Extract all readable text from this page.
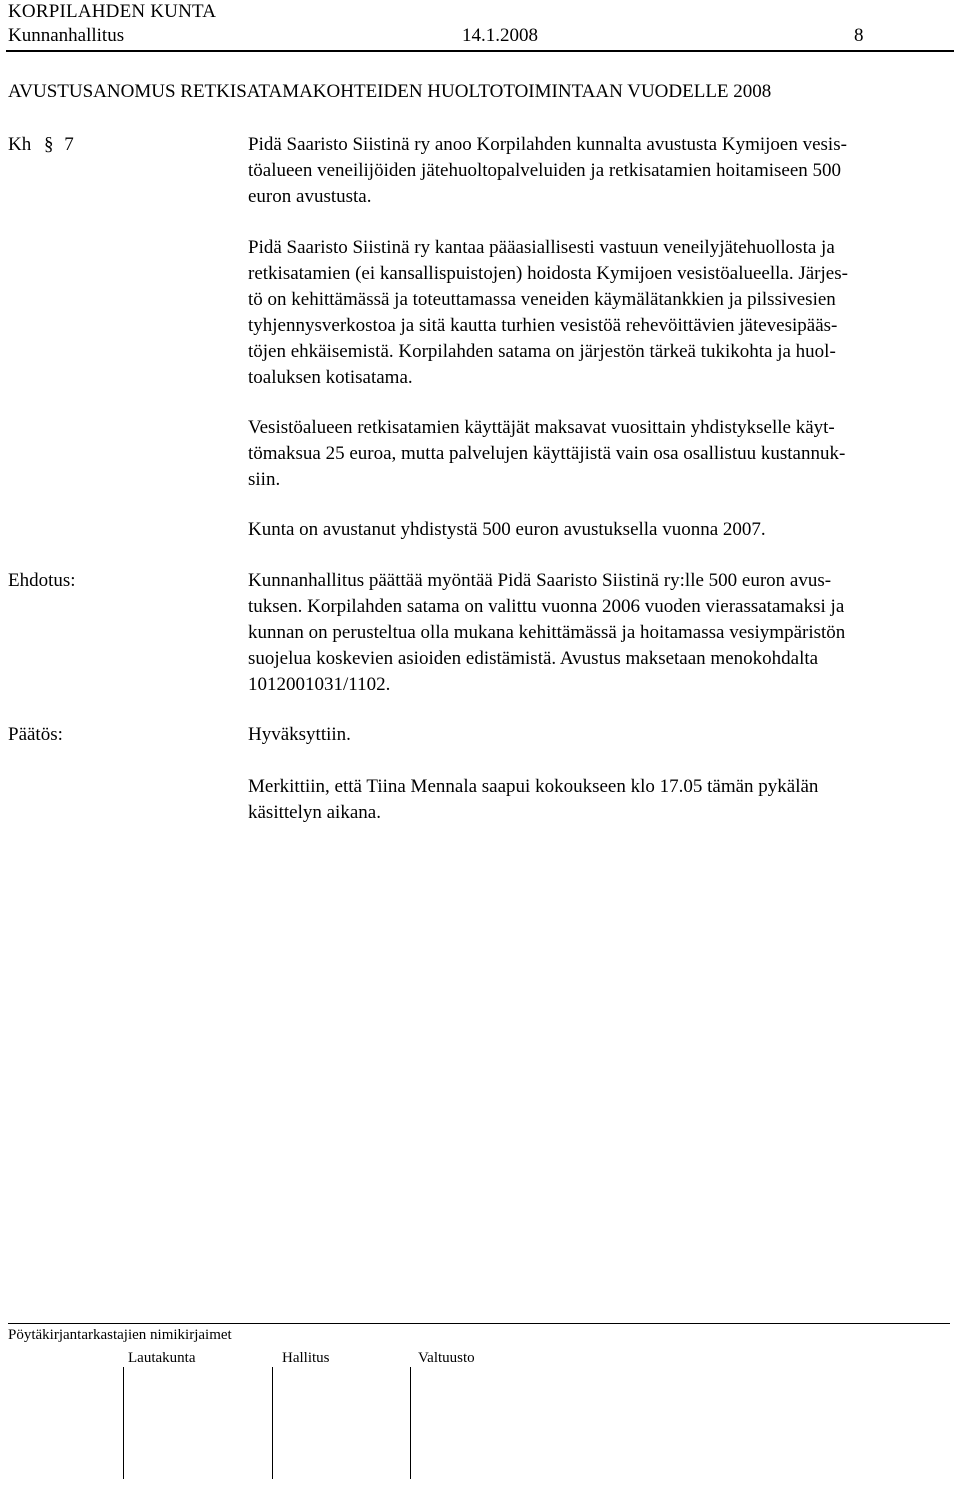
KORPILAHDEN KUNTA
Kunnanhallitus	14.1.2008	8
AVUSTUSANOMUS RETKISATAMAKOHTEIDEN HUOLTOTOIMINTAAN VUODELLE 2008
Kh § 7	Pidä Saaristo Siistinä ry anoo Korpilahden kunnalta avustusta Kymijoen vesis-
töalueen veneilijöiden jätehuoltopalveluiden ja retkisatamien hoitamiseen 500
euron avustusta.

Pidä Saaristo Siistinä ry kantaa pääasiallisesti vastuun veneilyjätehuollosta ja
retkisatamien (ei kansallispuistojen) hoidosta Kymijoen vesistöalueella. Järjes-
tö on kehittämässä ja toteuttamassa veneiden käymälätankkien ja pilssivesien
tyhjennysverkostoa ja sitä kautta turhien vesistöä rehevöittävien jätevesipääs-
töjen ehkäisemistä. Korpilahden satama on järjestön tärkeä tukikohta ja huol-
toaluksen kotisatama.

Vesistöalueen retkisatamien käyttäjät maksavat vuosittain yhdistykselle käyt-
tömaksua 25 euroa, mutta palvelujen käyttäjistä vain osa osallistuu kustannuk-
siin.

Kunta on avustanut yhdistystä 500 euron avustuksella vuonna 2007.

Ehdotus:	Kunnanhallitus päättää myöntää Pidä Saaristo Siistinä ry:lle 500 euron avus-
tuksen. Korpilahden satama on valittu vuonna 2006 vuoden vierassatamaksi ja
kunnan on perusteltua olla mukana kehittämässä ja hoitamassa vesiympäristön
suojelua koskevien asioiden edistämistä. Avustus maksetaan menokohdalta
1012001031/1102.

Päätös:	Hyväksyttiin.

Merkittiin, että Tiina Mennala saapui kokoukseen klo 17.05 tämän pykälän
käsittelyn aikana.

Pöytäkirjantarkastajien nimikirjaimet
Lautakunta	Hallitus	Valtuusto
